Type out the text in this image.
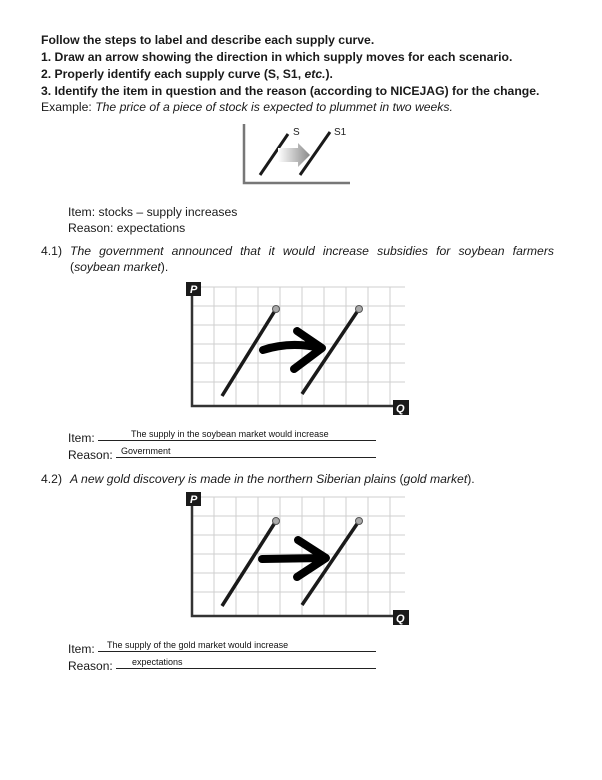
Follow the steps to label and describe each supply curve.
1. Draw an arrow showing the direction in which supply moves for each scenario.
2. Properly identify each supply curve (S, S1, etc.).
3. Identify the item in question and the reason (according to NICEJAG) for the change.
Example: The price of a piece of stock is expected to plummet in two weeks.
S	S1
Item: stocks – supply increases
Reason: expectations
4.1) The government announced that it would increase subsidies for soybean farmers
(soybean market).
P
Q
Item:	The supply in the soybean market would increase
Reason: Government
4.2) A new gold discovery is made in the northern Siberian plains (gold market).
P
Q
Item: The supply of the gold market would increase
Reason: expectations
